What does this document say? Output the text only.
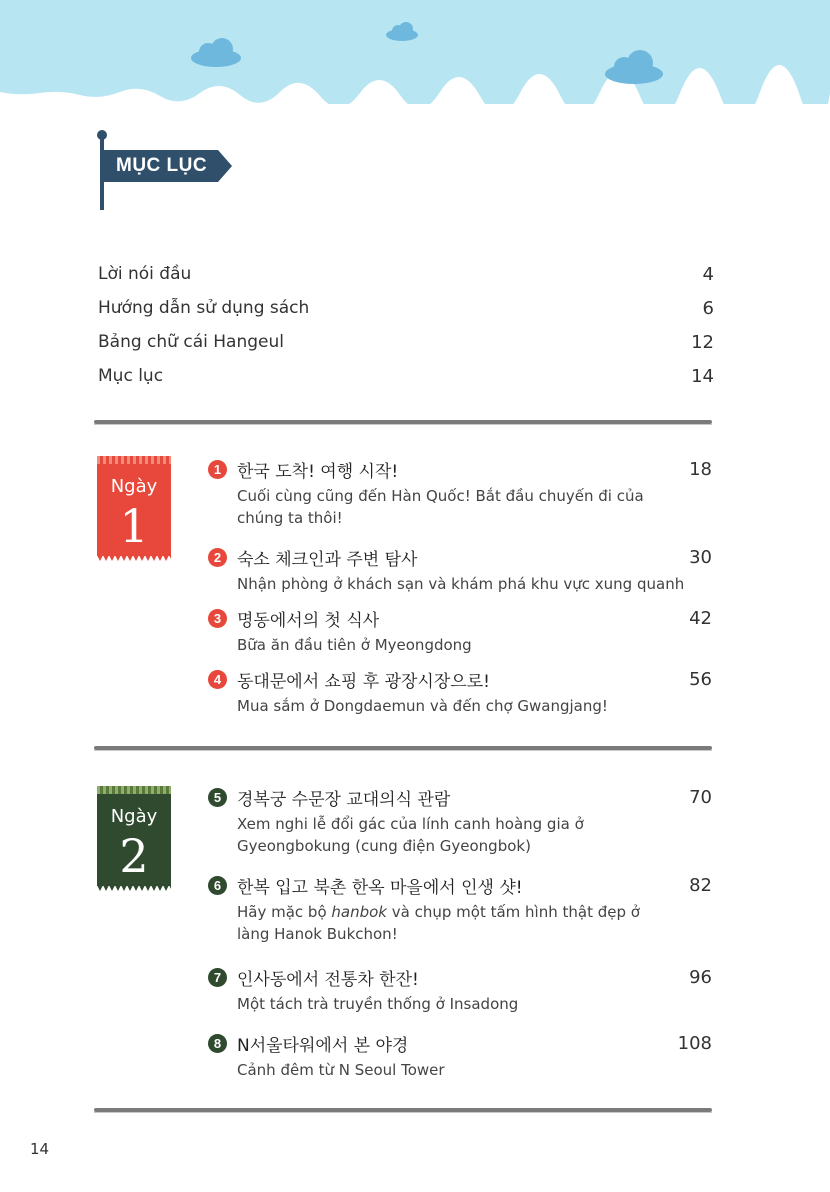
MỤC LỤC
Lời nói đầu	4
Hướng dẫn sử dụng sách	6
Bảng chữ cái Hangeul	12
Mục lục	14
Ngày
1
1 한국 도착! 여행 시작!	18
Cuối cùng cũng đến Hàn Quốc! Bắt đầu chuyến đi của
chúng ta thôi!
2 숙소 체크인과 주변 탐사	30
Nhận phòng ở khách sạn và khám phá khu vực xung quanh
3 명동에서의 첫 식사	42
Bữa ăn đầu tiên ở Myeongdong
4 동대문에서 쇼핑 후 광장시장으로!	56
Mua sắm ở Dongdaemun và đến chợ Gwangjang!
Ngày
2
5 경복궁 수문장 교대의식 관람	70
Xem nghi lễ đổi gác của lính canh hoàng gia ở
Gyeongbokung (cung điện Gyeongbok)
6 한복 입고 북촌 한옥 마을에서 인생 샷!	82
Hãy mặc bộ hanbok và chụp một tấm hình thật đẹp ở
làng Hanok Bukchon!
7 인사동에서 전통차 한잔!	96
Một tách trà truyền thống ở Insadong
8 N서울타워에서 본 야경	108
Cảnh đêm từ N Seoul Tower
14
